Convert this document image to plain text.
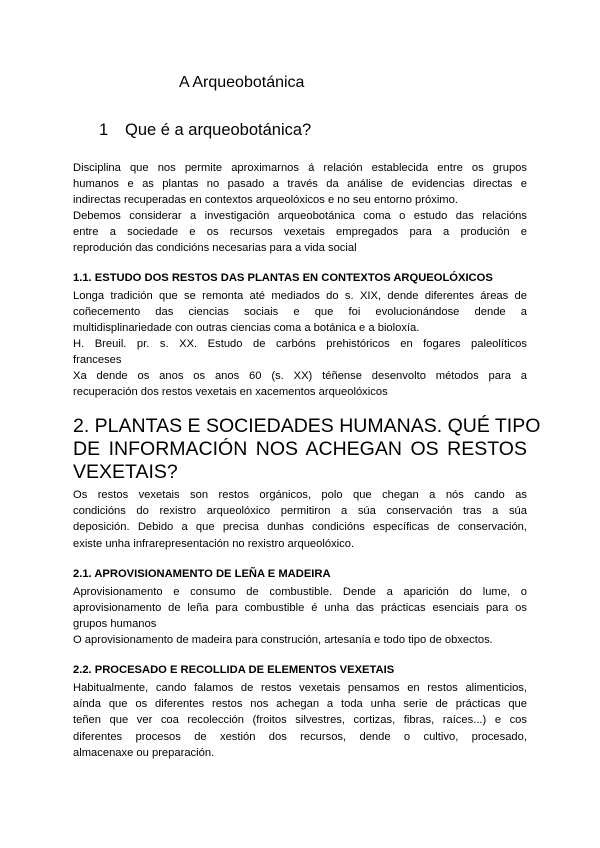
A Arqueobotánica
1 Que é a arqueobotánica?

Disciplina que nos permite aproximarnos á relación establecida entre os grupos
humanos e as plantas no pasado a través da análise de evidencias directas e
indirectas recuperadas en contextos arqueolóxicos e no seu entorno próximo.

Debemos considerar a investigación arqueobotánica coma o estudo das relacións
entre a sociedade e os recursos vexetais empregados para a produción e
reprodución das condicións necesarias para a vida social

1.1. ESTUDO DOS RESTOS DAS PLANTAS EN CONTEXTOS ARQUEOLÓXICOS

Longa tradición que se remonta até mediados do s. XIX, dende diferentes áreas de
coñecemento das ciencias sociais e que foi evolucionándose dende a
multidisplinariedade con outras ciencias coma a botánica e a bioloxía.

H. Breuil. pr. s. XX. Estudo de carbóns prehistóricos en fogares paleolíticos
franceses

Xa dende os anos os anos 60 (s. XX) téñense desenvolto métodos para a
recuperación dos restos vexetais en xacementos arqueolóxicos

2. PLANTAS E SOCIEDADES HUMANAS. QUÉ TIPO
DE INFORMACIÓN NOS ACHEGAN OS RESTOS
VEXETAIS?

Os restos vexetais son restos orgánicos, polo que chegan a nós cando as
condicións do rexistro arqueolóxico permitiron a súa conservación tras a súa
deposición. Debido a que precisa dunhas condicións específicas de conservación,
existe unha infrarepresentación no rexistro arqueolóxico.

2.1. APROVISIONAMENTO DE LEÑA E MADEIRA

Aprovisionamento e consumo de combustible. Dende a aparición do lume, o
aprovisionamento de leña para combustible é unha das prácticas esenciais para os
grupos humanos

O aprovisionamento de madeira para construción, artesanía e todo tipo de obxectos.

2.2. PROCESADO E RECOLLIDA DE ELEMENTOS VEXETAIS

Habitualmente, cando falamos de restos vexetais pensamos en restos alimenticios,
aínda que os diferentes restos nos achegan a toda unha serie de prácticas que
teñen que ver coa recolección (froitos silvestres, cortizas, fibras, raíces...) e cos
diferentes procesos de xestión dos recursos, dende o cultivo, procesado,
almacenaxe ou preparación.
